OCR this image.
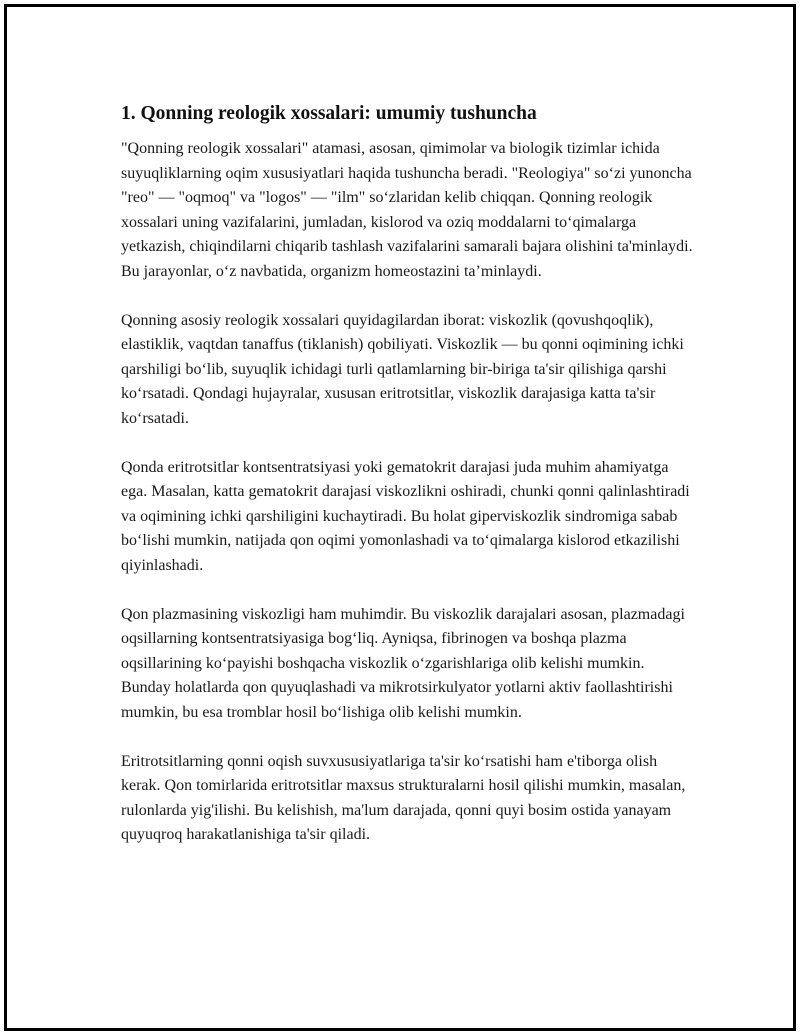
1. Qonning reologik xossalari: umumiy tushuncha

"Qonning reologik xossalari" atamasi, asosan, qimimolar va biologik tizimlar ichida suyuqliklarning oqim xususiyatlari haqida tushuncha beradi. "Reologiya" so‘zi yunoncha "reo" — "oqmoq" va "logos" — "ilm" so‘zlaridan kelib chiqqan. Qonning reologik xossalari uning vazifalarini, jumladan, kislorod va oziq moddalarni to‘qimalarga yetkazish, chiqindilarni chiqarib tashlash vazifalarini samarali bajara olishini ta'minlaydi. Bu jarayonlar, o‘z navbatida, organizm homeostazini ta’minlaydi.

Qonning asosiy reologik xossalari quyidagilardan iborat: viskozlik (qovushqoqlik), elastiklik, vaqtdan tanaffus (tiklanish) qobiliyati. Viskozlik — bu qonni oqimining ichki qarshiligi bo‘lib, suyuqlik ichidagi turli qatlamlarning bir-biriga ta'sir qilishiga qarshi ko‘rsatadi. Qondagi hujayralar, xususan eritrotsitlar, viskozlik darajasiga katta ta'sir ko‘rsatadi.

Qonda eritrotsitlar kontsentratsiyasi yoki gematokrit darajasi juda muhim ahamiyatga ega. Masalan, katta gematokrit darajasi viskozlikni oshiradi, chunki qonni qalinlashtiradi va oqimining ichki qarshiligini kuchaytiradi. Bu holat giperviskozlik sindromiga sabab bo‘lishi mumkin, natijada qon oqimi yomonlashadi va to‘qimalarga kislorod etkazilishi qiyinlashadi.

Qon plazmasining viskozligi ham muhimdir. Bu viskozlik darajalari asosan, plazmadagi oqsillarning kontsentratsiyasiga bog‘liq. Ayniqsa, fibrinogen va boshqa plazma oqsillarining ko‘payishi boshqacha viskozlik o‘zgarishlariga olib kelishi mumkin. Bunday holatlarda qon quyuqlashadi va mikrotsirkulyator yotlarni aktiv faollashtirishi mumkin, bu esa tromblar hosil bo‘lishiga olib kelishi mumkin.

Eritrotsitlarning qonni oqish suvxususiyatlariga ta'sir ko‘rsatishi ham e'tiborga olish kerak. Qon tomirlarida eritrotsitlar maxsus strukturalarni hosil qilishi mumkin, masalan, rulonlarda yig'ilishi. Bu kelishish, ma'lum darajada, qonni quyi bosim ostida yanayam quyuqroq harakatlanishiga ta'sir qiladi.
